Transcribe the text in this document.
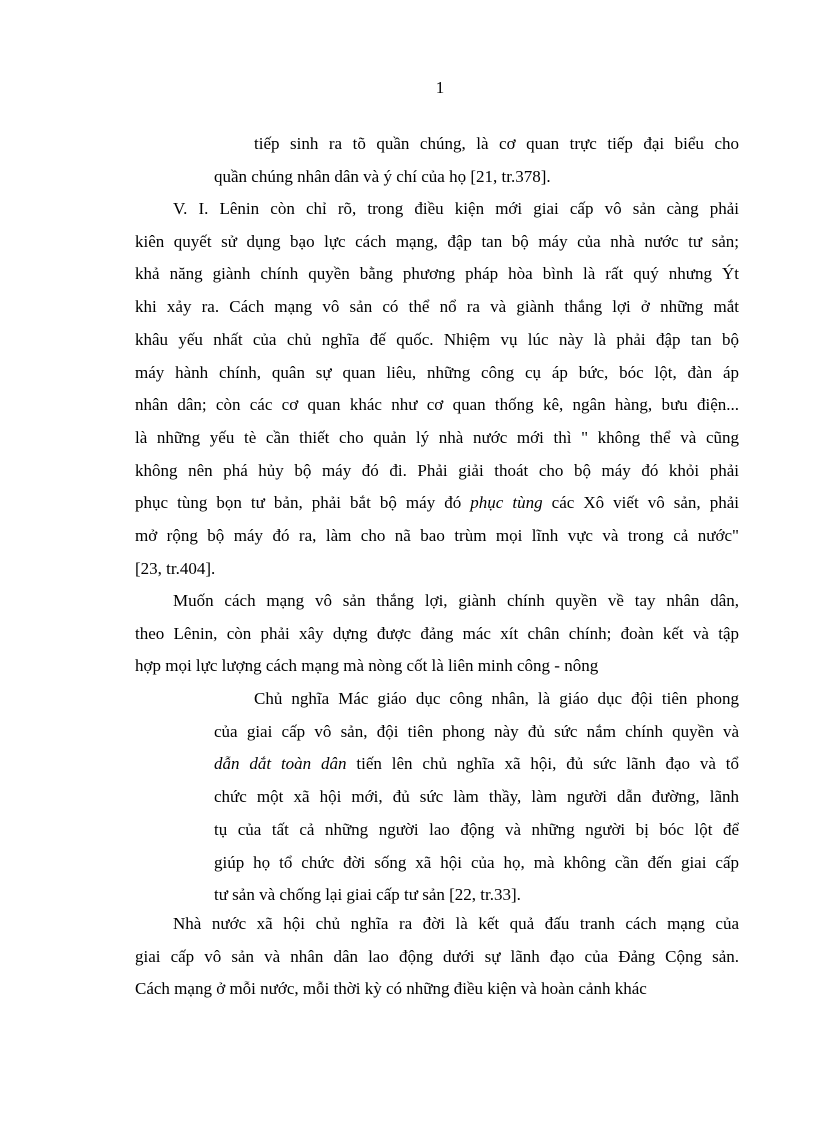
1
tiếp sinh ra tõ quần chúng, là cơ quan trực tiếp đại biểu cho
quần chúng nhân dân và ý chí của họ [21, tr.378].
V. I. Lênin còn chỉ rõ, trong điều kiện mới giai cấp vô sản càng phải
kiên quyết sử dụng bạo lực cách mạng, đập tan bộ máy của nhà nước tư sản;
khả năng giành chính quyền bằng phương pháp hòa bình là rất quý nhưng Ýt
khi xảy ra. Cách mạng vô sản có thể nổ ra và giành thắng lợi ở những mắt
khâu yếu nhất của chủ nghĩa đế quốc. Nhiệm vụ lúc này là phải đập tan bộ
máy hành chính, quân sự quan liêu, những công cụ áp bức, bóc lột, đàn áp
nhân dân; còn các cơ quan khác như cơ quan thống kê, ngân hàng, bưu điện...
là những yếu tè cần thiết cho quản lý nhà nước mới thì " không thể và cũng
không nên phá hủy bộ máy đó đi. Phải giải thoát cho bộ máy đó khỏi phải
phục tùng bọn tư bản, phải bắt bộ máy đó phục tùng các Xô viết vô sản, phải
mở rộng bộ máy đó ra, làm cho nã bao trùm mọi lĩnh vực và trong cả nước"
[23, tr.404].
Muốn cách mạng vô sản thắng lợi, giành chính quyền về tay nhân dân,
theo Lênin, còn phải xây dựng được đảng mác xít chân chính; đoàn kết và tập
hợp mọi lực lượng cách mạng mà nòng cốt là liên minh công - nông
Chủ nghĩa Mác giáo dục công nhân, là giáo dục đội tiên phong
của giai cấp vô sản, đội tiên phong này đủ sức nắm chính quyền và
dẫn dắt toàn dân tiến lên chủ nghĩa xã hội, đủ sức lãnh đạo và tổ
chức một xã hội mới, đủ sức làm thầy, làm người dẫn đường, lãnh
tụ của tất cả những người lao động và những người bị bóc lột để
giúp họ tổ chức đời sống xã hội của họ, mà không cần đến giai cấp
tư sản và chống lại giai cấp tư sản [22, tr.33].
Nhà nước xã hội chủ nghĩa ra đời là kết quả đấu tranh cách mạng của
giai cấp vô sản và nhân dân lao động dưới sự lãnh đạo của Đảng Cộng sản.
Cách mạng ở mỗi nước, mỗi thời kỳ có những điều kiện và hoàn cảnh khác
